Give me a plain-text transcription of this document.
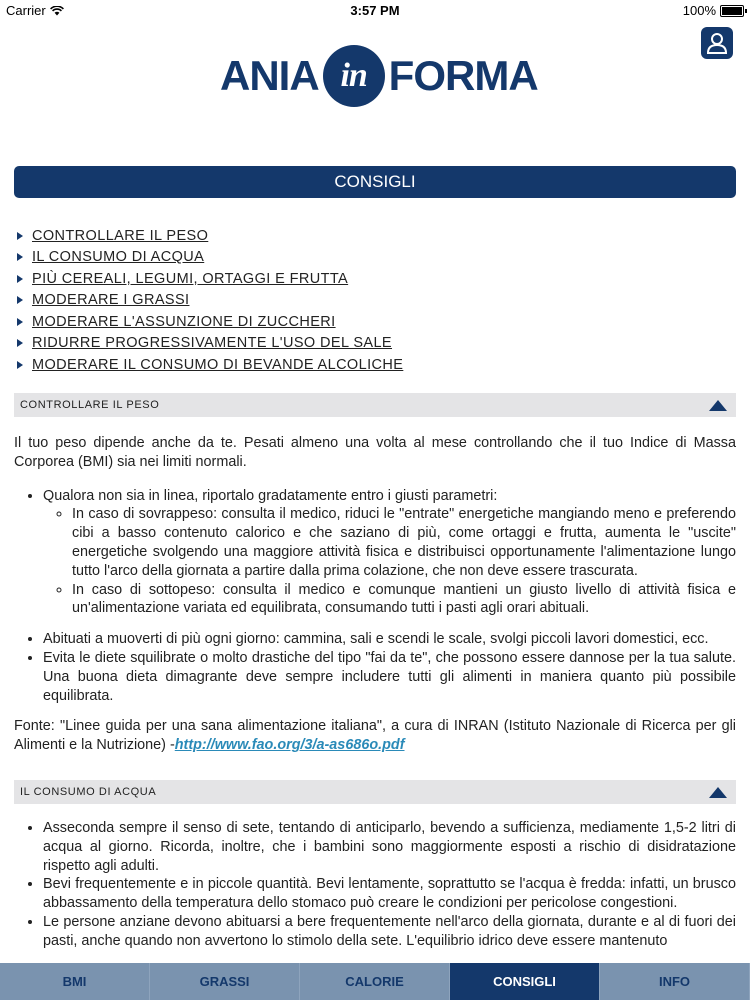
Carrier	3:57 PM	100%
ANIA in FORMA
CONSIGLI
CONTROLLARE IL PESO
IL CONSUMO DI ACQUA
PIÙ CEREALI, LEGUMI, ORTAGGI E FRUTTA
MODERARE I GRASSI
MODERARE L'ASSUNZIONE DI ZUCCHERI
RIDURRE PROGRESSIVAMENTE L'USO DEL SALE
MODERARE IL CONSUMO DI BEVANDE ALCOLICHE
CONTROLLARE IL PESO

Il tuo peso dipende anche da te. Pesati almeno una volta al mese controllando che il tuo Indice di Massa Corporea (BMI) sia nei limiti normali.

• Qualora non sia in linea, riportalo gradatamente entro i giusti parametri:
◦ In caso di sovrappeso: consulta il medico, riduci le "entrate" energetiche mangiando meno e preferendo cibi a basso contenuto calorico e che saziano di più, come ortaggi e frutta, aumenta le "uscite" energetiche svolgendo una maggiore attività fisica e distribuisci opportunamente l'alimentazione lungo tutto l'arco della giornata a partire dalla prima colazione, che non deve essere trascurata.
◦ In caso di sottopeso: consulta il medico e comunque mantieni un giusto livello di attività fisica e un'alimentazione variata ed equilibrata, consumando tutti i pasti agli orari abituali.
• Abituati a muoverti di più ogni giorno: cammina, sali e scendi le scale, svolgi piccoli lavori domestici, ecc.
• Evita le diete squilibrate o molto drastiche del tipo "fai da te", che possono essere dannose per la tua salute. Una buona dieta dimagrante deve sempre includere tutti gli alimenti in maniera quanto più possibile equilibrata.

Fonte: "Linee guida per una sana alimentazione italiana", a cura di INRAN (Istituto Nazionale di Ricerca per gli Alimenti e la Nutrizione) -http://www.fao.org/3/a-as686o.pdf

IL CONSUMO DI ACQUA
• Asseconda sempre il senso di sete, tentando di anticiparlo, bevendo a sufficienza, mediamente 1,5-2 litri di acqua al giorno. Ricorda, inoltre, che i bambini sono maggiormente esposti a rischio di disidratazione rispetto agli adulti.
• Bevi frequentemente e in piccole quantità. Bevi lentamente, soprattutto se l'acqua è fredda: infatti, un brusco abbassamento della temperatura dello stomaco può creare le condizioni per pericolose congestioni.
• Le persone anziane devono abituarsi a bere frequentemente nell'arco della giornata, durante e al di fuori dei pasti, anche quando non avvertono lo stimolo della sete. L'equilibrio idrico deve essere mantenuto
BMI	GRASSI	CALORIE	CONSIGLI	INFO
